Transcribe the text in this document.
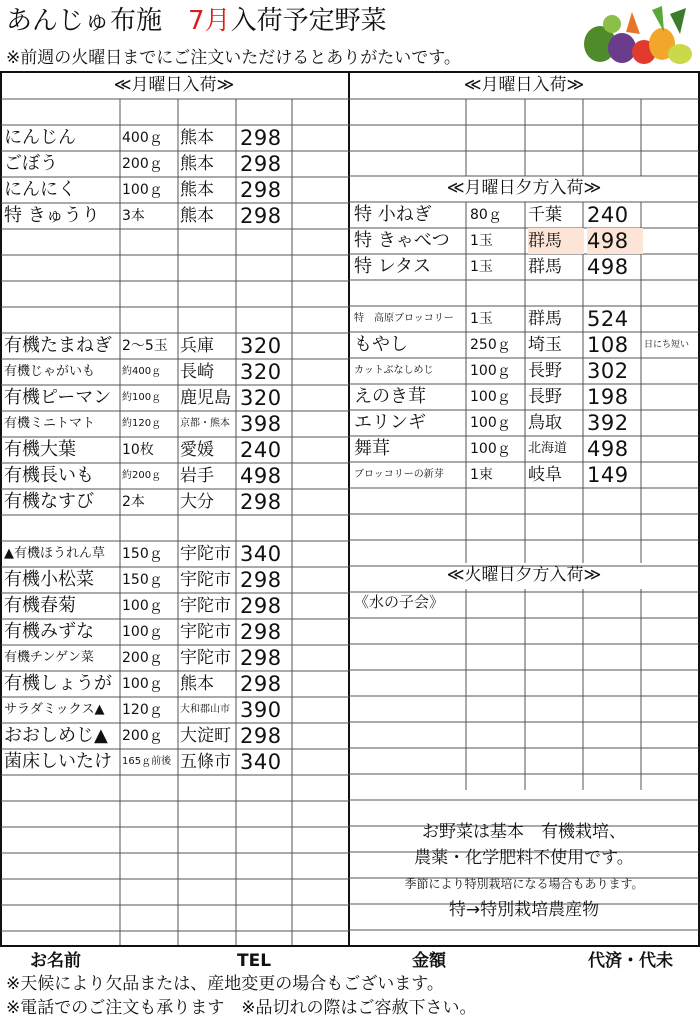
あんじゅ布施　7月入荷予定野菜
※前週の火曜日までにご注文いただけるとありがたいです。
≪月曜日入荷≫	≪月曜日入荷≫
≪月曜日夕方入荷≫
≪火曜日夕方入荷≫
にんじん	400ｇ	熊本	298
ごぼう	200ｇ	熊本	298
にんにく	100ｇ	熊本	298
特 きゅうり	3本	熊本	298
有機たまねぎ 2～5玉 兵庫	320
有機じゃがいも	約400ｇ	長崎	320
有機ピーマン	約100ｇ	鹿児島 320
有機ミニトマト	約120ｇ	京都・熊本 398
有機大葉	10枚	愛媛	240
有機長いも	約200ｇ	岩手	498
有機なすび	2本	大分	298
▲有機ほうれん草	150ｇ	宇陀市 340
有機小松菜	150ｇ	宇陀市 298
有機春菊	100ｇ	宇陀市 298
有機みずな	100ｇ	宇陀市 298
有機チンゲン菜	200ｇ	宇陀市 298
有機しょうが 100ｇ	熊本	298
サラダミックス▲	120ｇ	大和郡山市 390
おおしめじ▲	200ｇ	大淀町 298
菌床しいたけ	165ｇ前後 五條市 340
特 小ねぎ	80ｇ	千葉	240
特 きゃべつ	1玉	群馬	498
特 レタス	1玉	群馬	498
特　高原ブロッコリー	1玉	群馬	524
もやし	250ｇ	埼玉	108	日にち短い
カットぶなしめじ	100ｇ	長野	302
えのき茸	100ｇ	長野	198
エリンギ	100ｇ	鳥取	392
舞茸	100ｇ	北海道 498
ブロッコリーの新芽	1束	岐阜	149
《水の子会》
お野菜は基本　有機栽培、
農薬・化学肥料不使用です。
季節により特別栽培になる場合もあります。
特→特別栽培農産物
お名前	TEL	金額	代済・代未
※天候により欠品または、産地変更の場合もございます。
※電話でのご注文も承ります　※品切れの際はご容赦下さい。
